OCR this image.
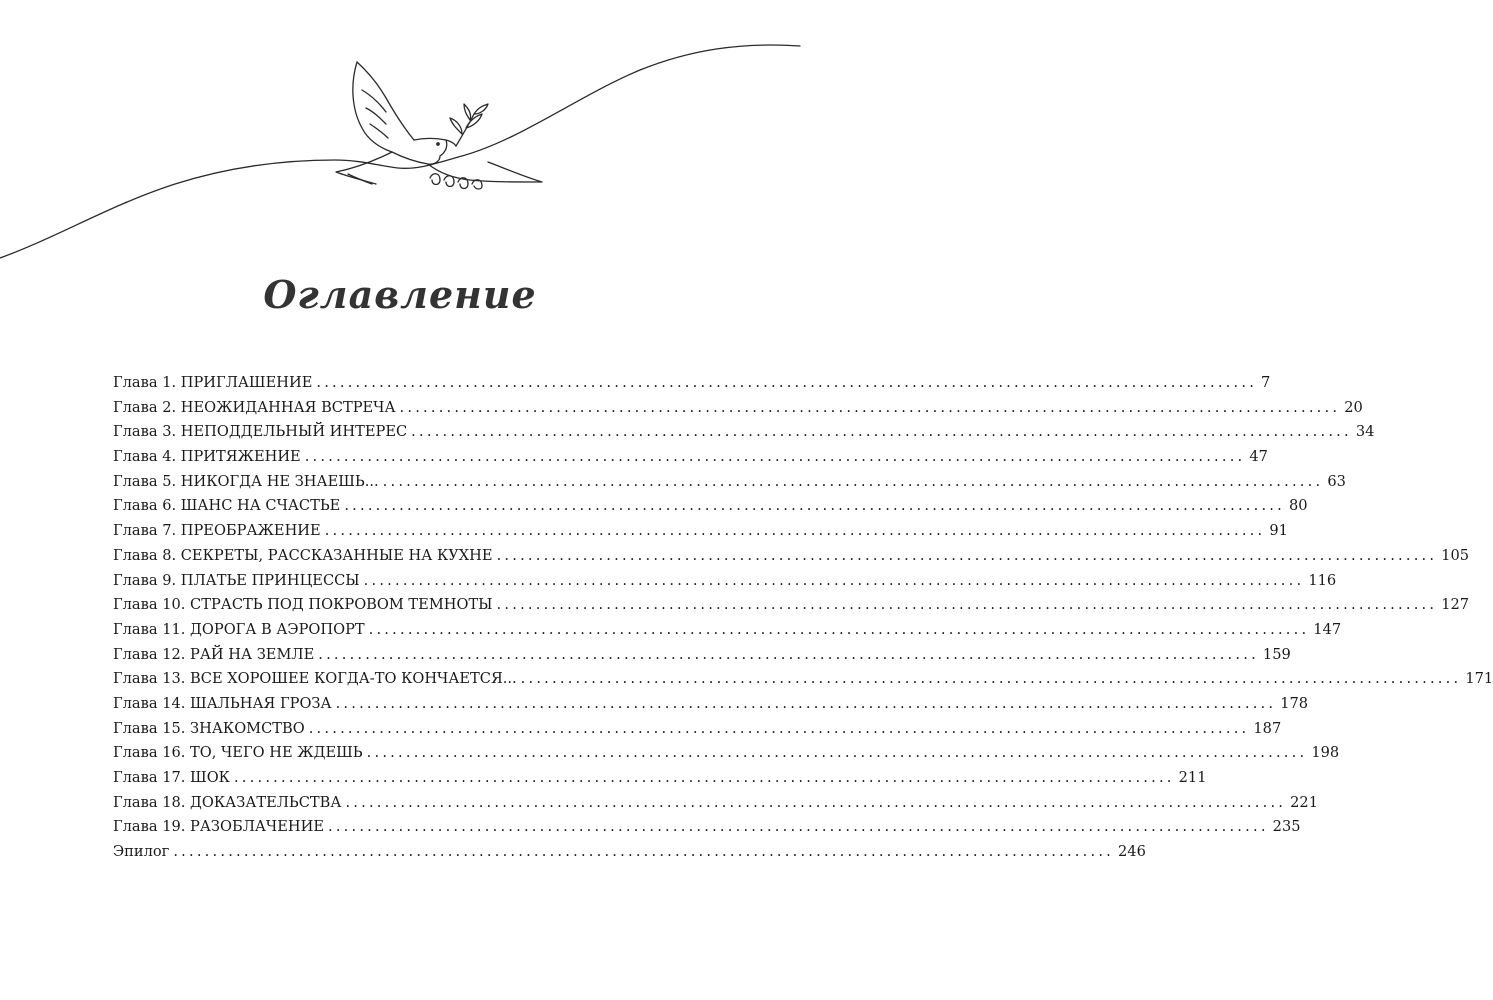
Оглавление
Глава 1. ПРИГЛАШЕНИЕ ........................................................................................................................ 7
Глава 2. НЕОЖИДАННАЯ ВСТРЕЧА ........................................................................................................................ 20
Глава 3. НЕПОДДЕЛЬНЫЙ ИНТЕРЕС ........................................................................................................................ 34
Глава 4. ПРИТЯЖЕНИЕ ........................................................................................................................ 47
Глава 5. НИКОГДА НЕ ЗНАЕШЬ... ........................................................................................................................ 63
Глава 6. ШАНС НА СЧАСТЬЕ ........................................................................................................................ 80
Глава 7. ПРЕОБРАЖЕНИЕ ........................................................................................................................ 91
Глава 8. СЕКРЕТЫ, РАССКАЗАННЫЕ НА КУХНЕ ........................................................................................................................ 105
Глава 9. ПЛАТЬЕ ПРИНЦЕССЫ ........................................................................................................................ 116
Глава 10. СТРАСТЬ ПОД ПОКРОВОМ ТЕМНОТЫ ........................................................................................................................ 127
Глава 11. ДОРОГА В АЭРОПОРТ ........................................................................................................................ 147
Глава 12. РАЙ НА ЗЕМЛЕ ........................................................................................................................ 159
Глава 13. ВСЕ ХОРОШЕЕ КОГДА-ТО КОНЧАЕТСЯ... ........................................................................................................................ 171
Глава 14. ШАЛЬНАЯ ГРОЗА ........................................................................................................................ 178
Глава 15. ЗНАКОМСТВО ........................................................................................................................ 187
Глава 16. ТО, ЧЕГО НЕ ЖДЕШЬ ........................................................................................................................ 198
Глава 17. ШОК ........................................................................................................................ 211
Глава 18. ДОКАЗАТЕЛЬСТВА ........................................................................................................................ 221
Глава 19. РАЗОБЛАЧЕНИЕ ........................................................................................................................ 235
Эпилог ........................................................................................................................ 246
